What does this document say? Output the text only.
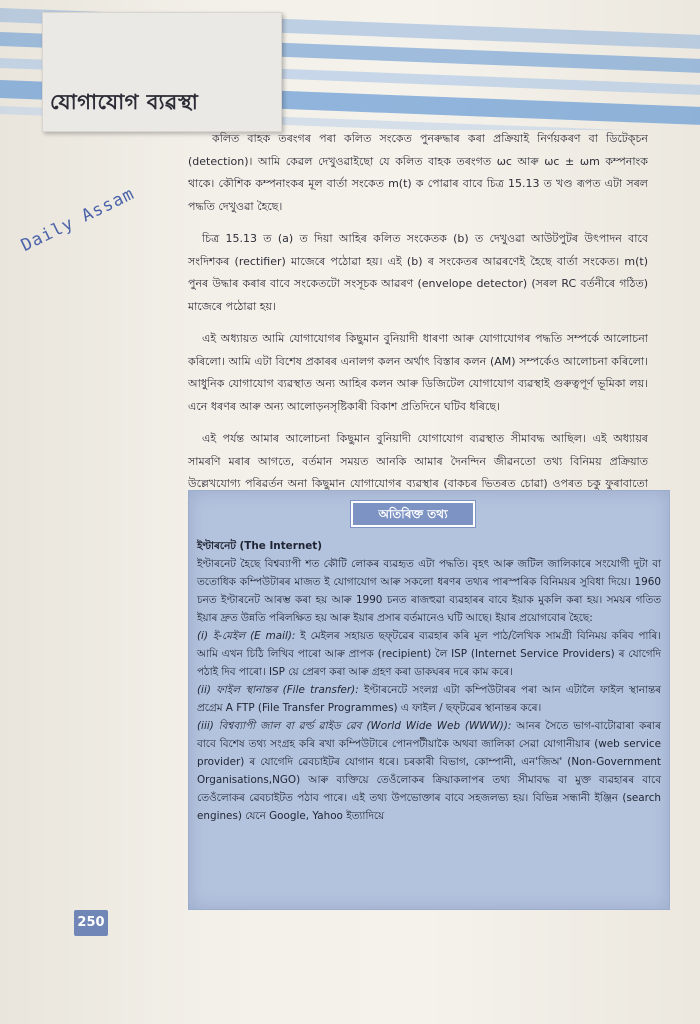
যোগাযোগ ব্যৱস্থা
Daily Assam

কলিত বাহক তৰংগৰ পৰা কলিত সংকেত পুনৰুদ্ধাৰ কৰা প্ৰক্ৰিয়াই নিৰ্ণয়কৰণ বা ডিটেক্‌চন (detection)। আমি কেৱল দেখুওৱাইছো যে কলিত বাহক তৰংগত ωc আৰু ωc ± ωm কম্পনাংক থাকে। কৌশিক কম্পনাংকৰ মূল বাৰ্তা সংকেত m(t) ক পোৱাৰ বাবে চিত্ৰ 15.13 ত খণ্ড ৰূপত এটা সৰল পদ্ধতি দেখুওৱা হৈছে।

চিত্ৰ 15.13 ত (a) ত দিয়া আহিৰ কলিত সংকেতক (b) ত দেখুওৱা আউটপুটৰ উৎপাদন বাবে সংদিশকৰ (rectifier) মাজেৰে পঠোৱা হয়। এই (b) ৰ সংকেতৰ আৱৰণেই হৈছে বাৰ্তা সংকেত। m(t) পুনৰ উদ্ধাৰ কৰাৰ বাবে সংকেতটো সংসূচক আৱৰণ (envelope detector) (সৰল RC বৰ্তনীৰে গঠিত) মাজেৰে পঠোৱা হয়।

এই অধ্যায়ত আমি যোগাযোগৰ কিছুমান বুনিয়াদী ধাৰণা আৰু যোগাযোগৰ পদ্ধতি সম্পৰ্কে আলোচনা কৰিলো। আমি এটা বিশেষ প্ৰকাৰৰ এনালগ কলন অৰ্থাৎ বিস্তাৰ কলন (AM) সম্পৰ্কেও আলোচনা কৰিলো। আধুনিক যোগাযোগ ব্যৱস্থাত অন্য আহিৰ কলন আৰু ডিজিটেল যোগাযোগ ব্যৱস্থাই গুৰুত্বপূৰ্ণ ভূমিকা লয়। এনে ধৰণৰ আৰু অন্য আলোড়নসৃষ্টিকাৰী বিকাশ প্ৰতিদিনে ঘটিব ধৰিছে।

এই পৰ্যন্ত আমাৰ আলোচনা কিছুমান বুনিয়াদী যোগাযোগ ব্যৱস্থাত সীমাবদ্ধ আছিল। এই অধ্যায়ৰ সামৰণি মৰাৰ আগতে, বৰ্তমান সময়ত আনকি আমাৰ দৈনন্দিন জীৱনতো তথ্য বিনিময় প্ৰক্ৰিয়াত উল্লেখযোগ্য পৰিৱৰ্তন অনা কিছুমান যোগাযোগৰ ব্যৱস্থাৰ (বাকচৰ ভিতৰত চোৱা) ওপৰত চকু ফুৰাবাতো

অতিৰিক্ত তথ্য

ইণ্টাৰনেট (The Internet)

ইণ্টাৰনেট হৈছে বিশ্বব্যাপী শত কৌটি লোকৰ ব্যৱহৃত এটা পদ্ধতি। বৃহৎ আৰু জটিল জালিকাৰে সংযোগী দুটা বা ততোধিক কম্পিউটাৰৰ মাজত ই যোগাযোগ আৰু সকলো ধৰণৰ তথ্যৰ পাৰস্পৰিক বিনিময়ৰ সুবিধা দিয়ে। 1960 চনত ইণ্টাৰনেট আৰম্ভ কৰা হয় আৰু 1990 চনত ৰাজহুৱা ব্যৱহাৰৰ বাবে ইয়াক মুকলি কৰা হয়। সময়ৰ গতিত ইয়াৰ দ্ৰুত উন্নতি পৰিলক্ষিত হয় আৰু ইয়াৰ প্ৰসাৰ বৰ্তমানেও ঘটি আছে। ইয়াৰ প্ৰয়োগবোৰ হৈছে:

(i) ই-মেইল (E mail): ই মেইলৰ সহায়ত ছফ্‌টৱেৰ ব্যৱহাৰ কৰি মূল পাঠ/লৈখিক সামগ্ৰী বিনিময় কৰিব পাৰি। আমি এখন চিঠি লিখিব পাৰো আৰু প্ৰাপক (recipient) লৈ ISP (Internet Service Providers) ৰ যোগেদি পঠাই দিব পাৰো। ISP য়ে প্ৰেৰণ কৰা আৰু গ্ৰহণ কৰা ডাকঘৰৰ দৰে কাম কৰে।

(ii) ফাইল স্থানান্তৰ (File transfer): ইণ্টাৰনেটে সংলগ্ন এটা কম্পিউটাৰৰ পৰা আন এটালৈ ফাইল স্থানান্তৰ প্ৰগ্ৰেম A FTP (File Transfer Programmes) এ ফাইল / ছফ্‌টৱেৰ স্থানান্তৰ কৰে।

(iii) বিশ্বব্যাপী জাল বা ৱৰ্ল্ড ৱাইড ৱেব (World Wide Web (WWW)): আনৰ সৈতে ভাগ-বাটোৱাৰা কৰাৰ বাবে বিশেষ তথ্য সংগ্ৰহ কৰি ৰখা কম্পিউটাৰে পোনপটীয়াকৈ অথবা জালিকা সেৱা যোগানীয়াৰ (web service provider) ৰ যোগেদি ৱেবচাইটৰ যোগান ধৰে। চৰকাৰী বিভাগ, কোম্পানী, এন'জিঅ' (Non-Government Organisations,NGO) আৰু ব্যক্তিয়ে তেওঁলোকৰ ক্ৰিয়াকলাপৰ তথ্য সীমাবদ্ধ বা মুক্ত ব্যৱহাৰৰ বাবে তেওঁলোকৰ ৱেবচাইটত পঠাব পাৰে। এই তথ্য উপভোক্তাৰ বাবে সহজলভ্য হয়। বিভিন্ন সন্ধানী ইঞ্জিন (search engines) যেনে Google, Yahoo ইত্যাদিয়ে

250
